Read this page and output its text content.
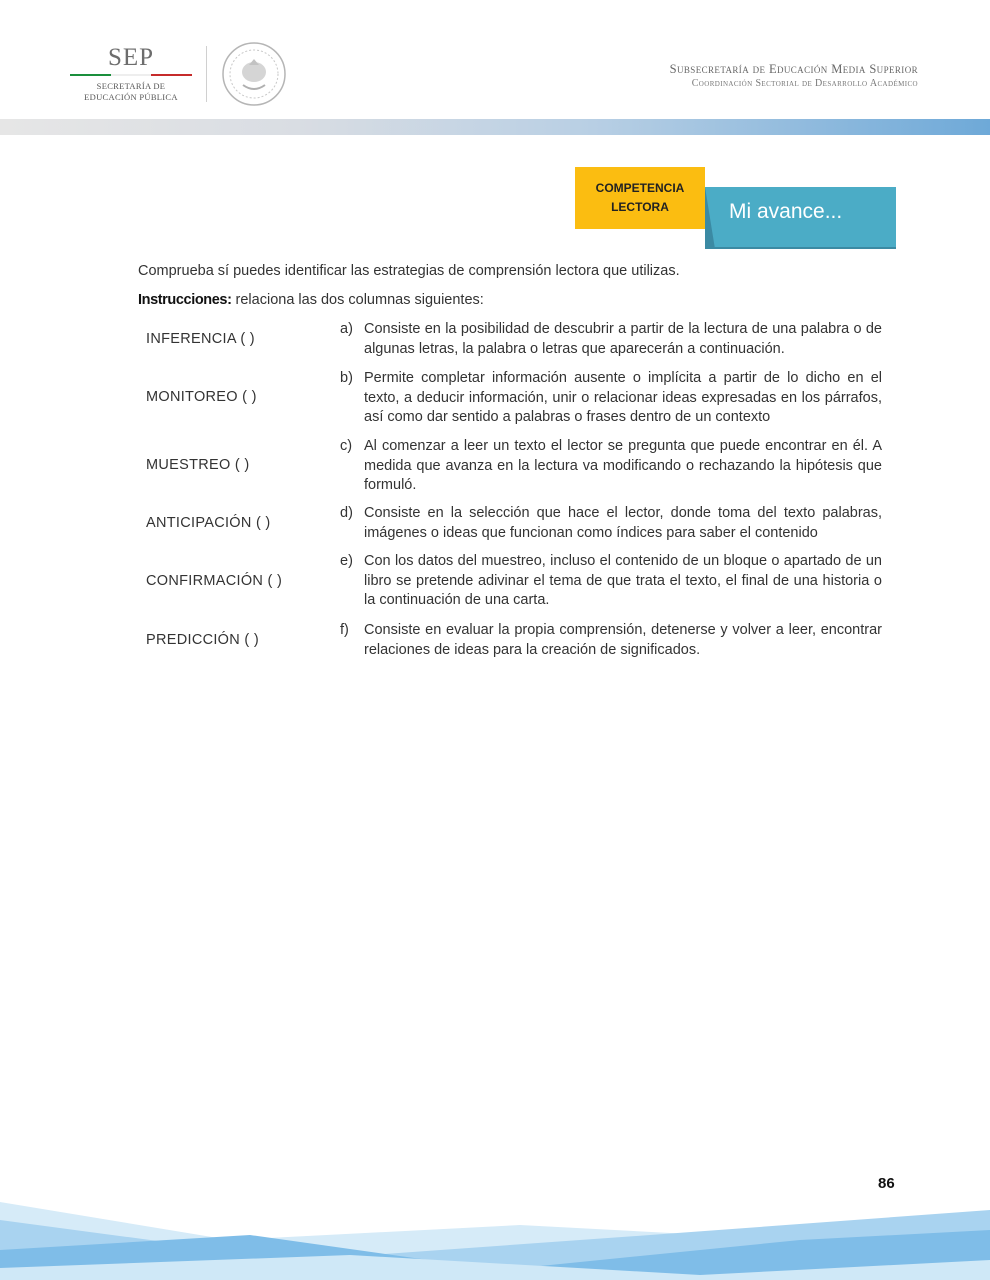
SEP
SECRETARÍA DE
EDUCACIÓN PÚBLICA
Subsecretaría de Educación Media Superior
Coordinación Sectorial de Desarrollo Académico
COMPETENCIA
LECTORA	Mi avance...
Comprueba sí puedes identificar las estrategias de comprensión lectora que utilizas.
Instrucciones: relaciona las dos columnas siguientes:
INFERENCIA ( )
MONITOREO ( )
MUESTREO ( )
ANTICIPACIÓN ( )
CONFIRMACIÓN ( )
PREDICCIÓN ( )
a) Consiste en la posibilidad de descubrir a partir de la lectura de una palabra o de algunas letras, la palabra o letras que aparecerán a continuación.
b) Permite completar información ausente o implícita a partir de lo dicho en el texto, a deducir información, unir o relacionar ideas expresadas en los párrafos, así como dar sentido a palabras o frases dentro de un contexto
c) Al comenzar a leer un texto el lector se pregunta que puede encontrar en él. A medida que avanza en la lectura va modificando o rechazando la hipótesis que formuló.
d) Consiste en la selección que hace el lector, donde toma del texto palabras, imágenes o ideas que funcionan como índices para saber el contenido
e) Con los datos del muestreo, incluso el contenido de un bloque o apartado de un libro se pretende adivinar el tema de que trata el texto, el final de una historia o la continuación de una carta.
f)	Consiste en evaluar la propia comprensión, detenerse y volver a leer, encontrar relaciones de ideas para la creación de significados.
86
